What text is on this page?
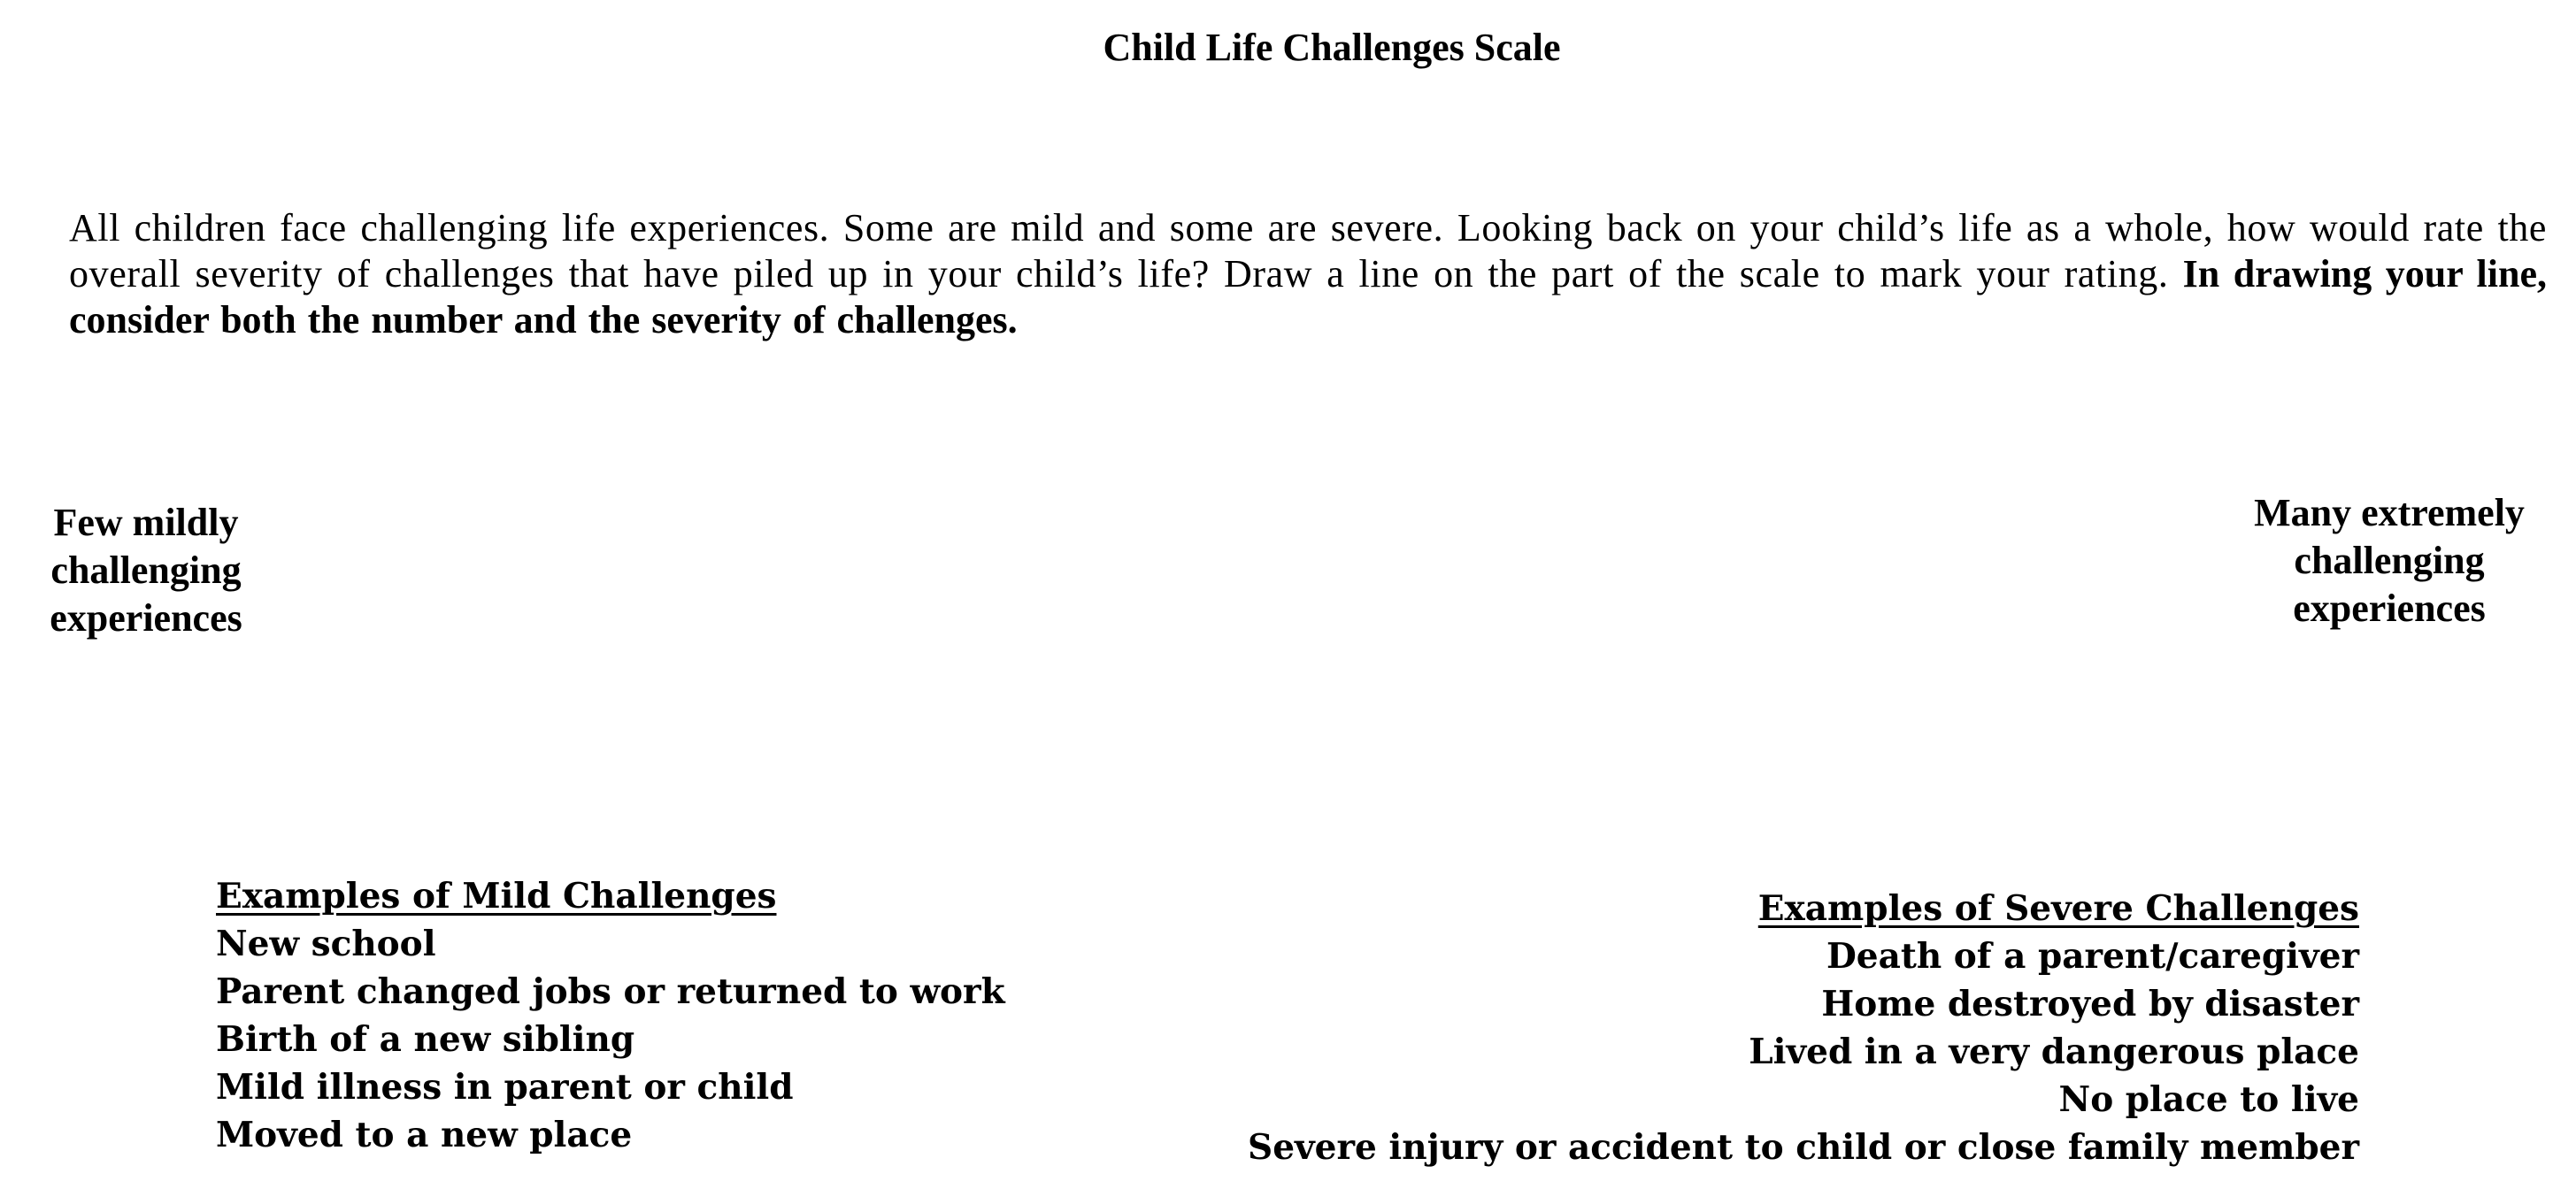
Child Life Challenges Scale

All children face challenging life experiences. Some are mild and some are severe. Looking back on your child’s life as a whole, how would rate the overall severity of challenges that have piled up in your child’s life? Draw a line on the part of the scale to mark your rating. In drawing your line, consider both the number and the severity of challenges.

Few mildly
challenging
experiences
Many extremely
challenging
experiences
Examples of Mild Challenges
New school
Parent changed jobs or returned to work
Birth of a new sibling
Mild illness in parent or child
Moved to a new place
Examples of Severe Challenges
Death of a parent/caregiver
Home destroyed by disaster
Lived in a very dangerous place
No place to live
Severe injury or accident to child or close family member
